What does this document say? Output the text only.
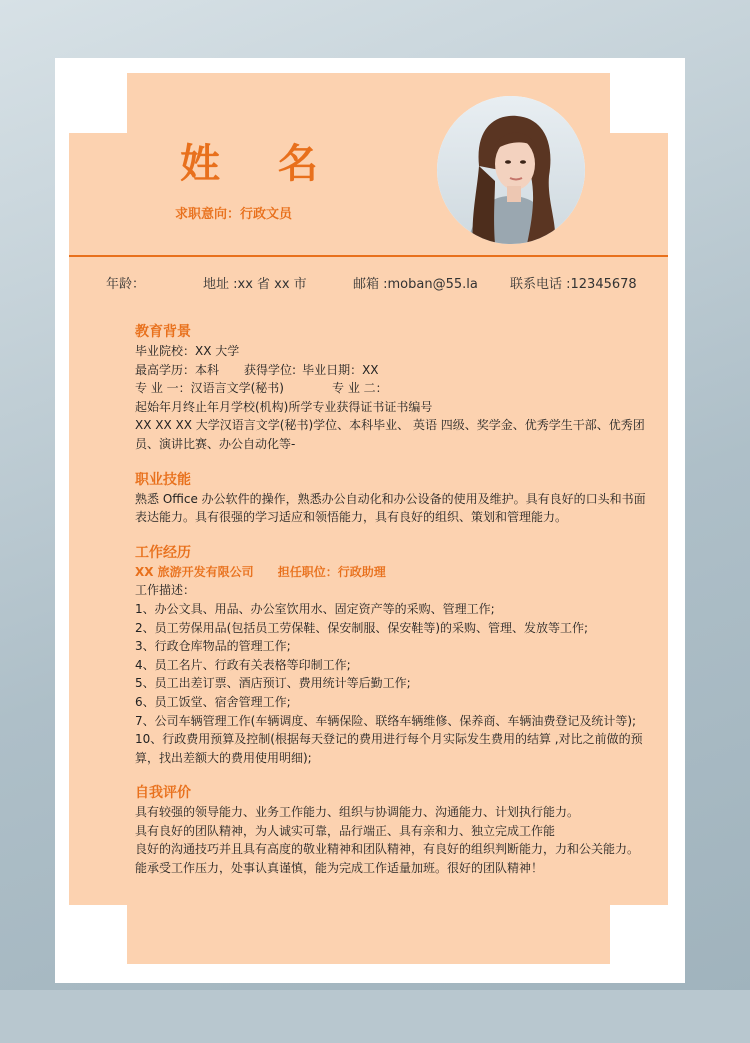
姓 名
求职意向：行政文员
年龄：	地址 :xx 省 xx 市	邮箱 :moban@55.la 联系电话 :12345678

教育背景

毕业院校：XX 大学

最高学历：本科 获得学位: 毕业日期：XX

专 业 一：汉语言文学(秘书)	专 业 二：

起始年月终止年月学校(机构)所学专业获得证书证书编号

XX XX XX 大学汉语言文学(秘书)学位、本科毕业、 英语 四级、奖学金、优秀学生干部、优秀团员、演讲比赛、办公自动化等-

职业技能

熟悉 Office 办公软件的操作，熟悉办公自动化和办公设备的使用及维护。具有良好的口头和书面表达能力。具有很强的学习适应和领悟能力，具有良好的组织、策划和管理能力。

工作经历

XX 旅游开发有限公司 担任职位：行政助理

工作描述：

1、办公文具、用品、办公室饮用水、固定资产等的采购、管理工作;

2、员工劳保用品(包括员工劳保鞋、保安制服、保安鞋等)的采购、管理、发放等工作;

3、行政仓库物品的管理工作;

4、员工名片、行政有关表格等印制工作;

5、员工出差订票、酒店预订、费用统计等后勤工作;

6、员工饭堂、宿舍管理工作;

7、公司车辆管理工作(车辆调度、车辆保险、联络车辆维修、保养商、车辆油费登记及统计等);

10、行政费用预算及控制(根据每天登记的费用进行每个月实际发生费用的结算 ,对比之前做的预算，找出差额大的费用使用明细);

自我评价

具有较强的领导能力、业务工作能力、组织与协调能力、沟通能力、计划执行能力。

具有良好的团队精神，为人诚实可靠，品行端正、具有亲和力、独立完成工作能

良好的沟通技巧并且具有高度的敬业精神和团队精神，有良好的组织判断能力，力和公关能力。

能承受工作压力，处事认真谨慎，能为完成工作适量加班。很好的团队精神！
